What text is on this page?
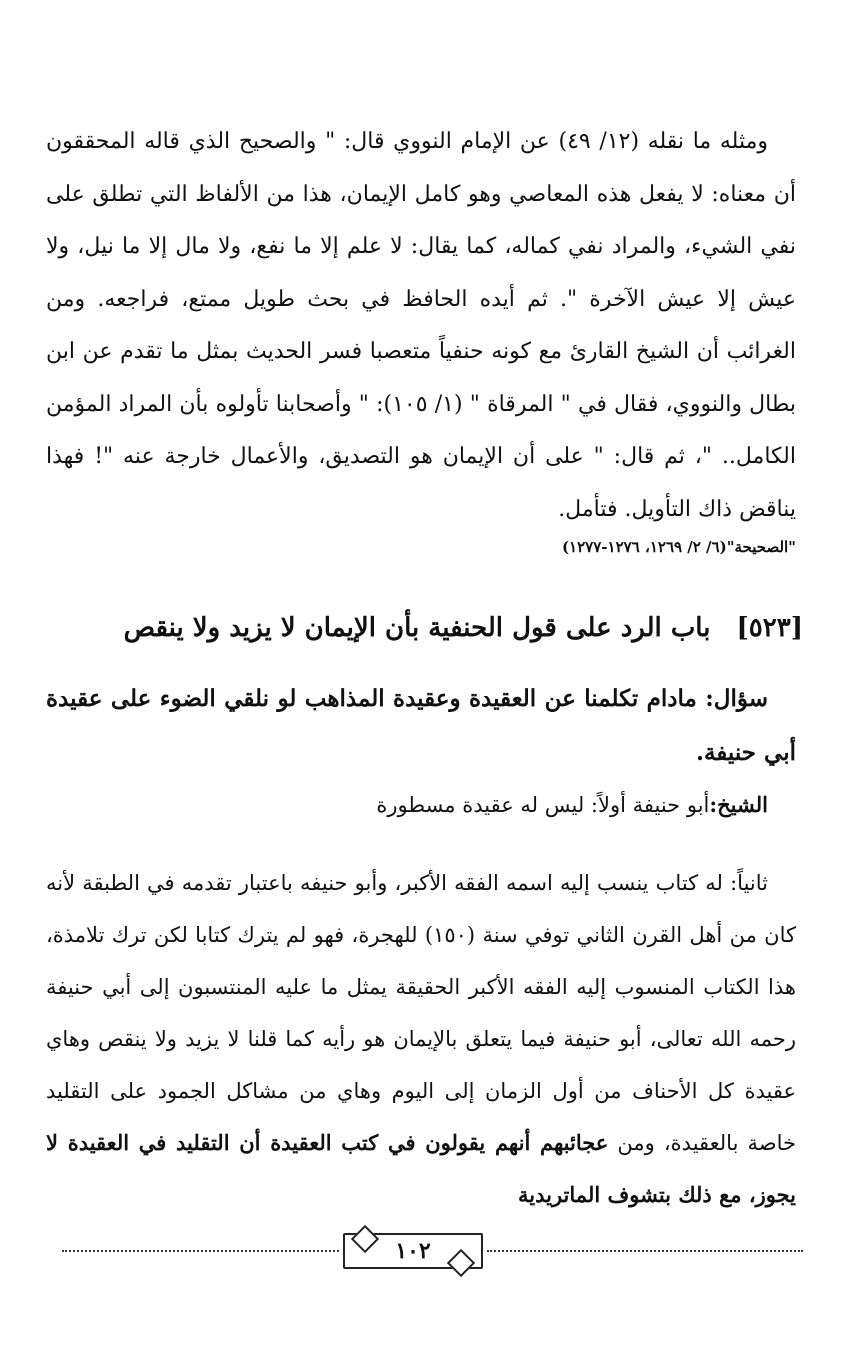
ومثله ما نقله (١٢/ ٤٩) عن الإمام النووي قال: " والصحيح الذي قاله المحققون أن معناه: لا يفعل هذه المعاصي وهو كامل الإيمان، هذا من الألفاظ التي تطلق على نفي الشيء، والمراد نفي كماله، كما يقال: لا علم إلا ما نفع، ولا مال إلا ما نيل، ولا عيش إلا عيش الآخرة ". ثم أيده الحافظ في بحث طويل ممتع، فراجعه. ومن الغرائب أن الشيخ القارئ مع كونه حنفياً متعصبا فسر الحديث بمثل ما تقدم عن ابن بطال والنووي، فقال في " المرقاة " (١/ ١٠٥): " وأصحابنا تأولوه بأن المراد المؤمن الكامل.. "، ثم قال: " على أن الإيمان هو التصديق، والأعمال خارجة عنه "! فهذا يناقض ذاك التأويل. فتأمل.
"الصحيحة"(٦/ ٢/ ١٢٦٩، ١٢٧٦-١٢٧٧)
[٥٢٣]باب الرد على قول الحنفية بأن الإيمان لا يزيد ولا ينقص
سؤال: مادام تكلمنا عن العقيدة وعقيدة المذاهب لو نلقي الضوء على عقيدة أبي حنيفة.
الشيخ:أبو حنيفة أولاً: ليس له عقيدة مسطورة
ثانياً: له كتاب ينسب إليه اسمه الفقه الأكبر، وأبو حنيفه باعتبار تقدمه في الطبقة لأنه كان من أهل القرن الثاني توفي سنة (١٥٠) للهجرة، فهو لم يترك كتابا لكن ترك تلامذة، هذا الكتاب المنسوب إليه الفقه الأكبر الحقيقة يمثل ما عليه المنتسبون إلى أبي حنيفة رحمه الله تعالى، أبو حنيفة فيما يتعلق بالإيمان هو رأيه كما قلنا لا يزيد ولا ينقص وهاي عقيدة كل الأحناف من أول الزمان إلى اليوم وهاي من مشاكل الجمود على التقليد خاصة بالعقيدة، ومن عجائبهم أنهم يقولون في كتب العقيدة أن التقليد في العقيدة لا يجوز، مع ذلك بتشوف الماتريدية
١٠٢
